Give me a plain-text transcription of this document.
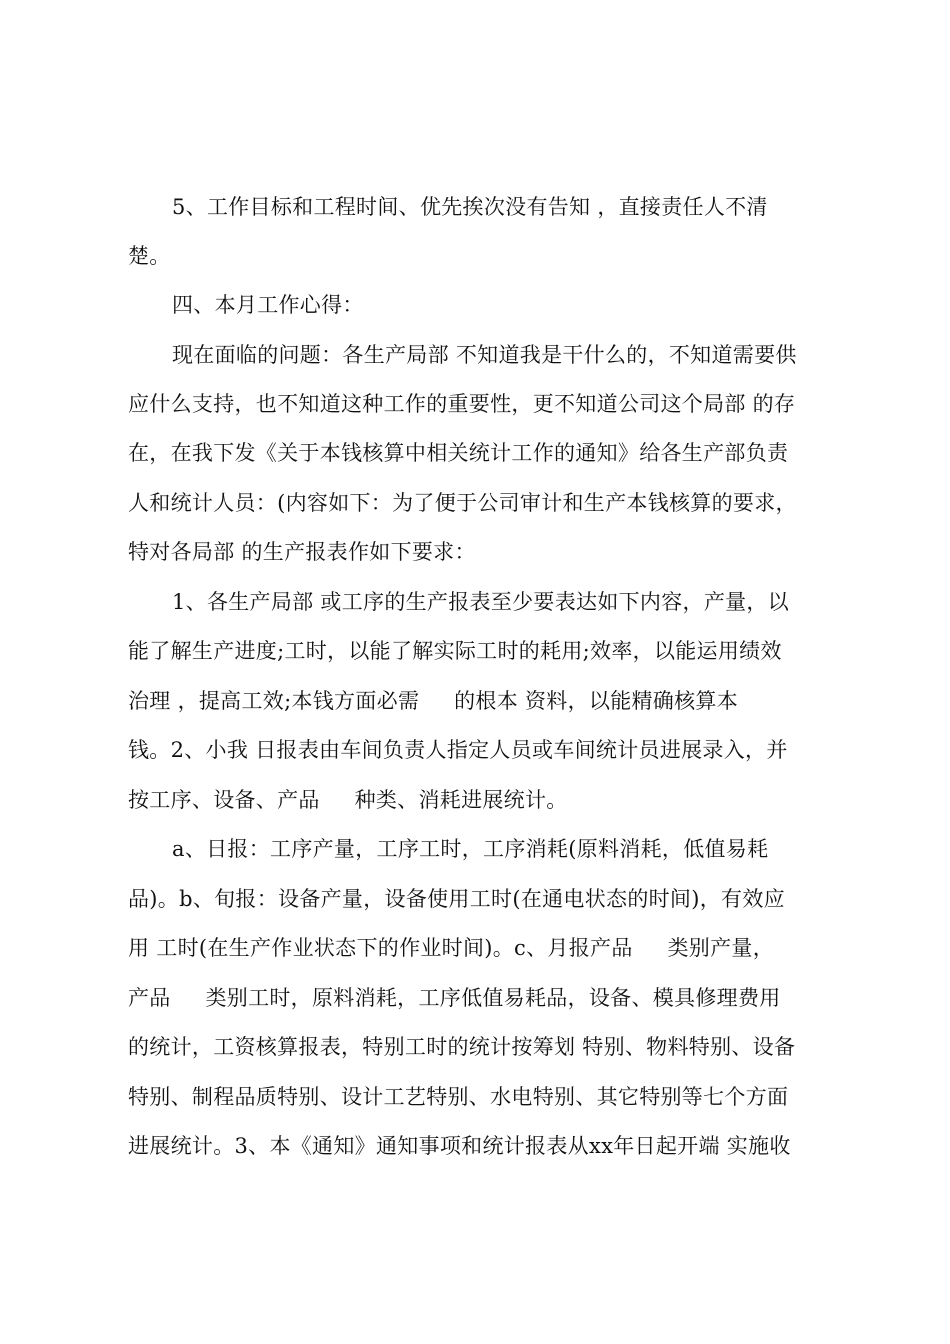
5、工作目标和工程时间、优先挨次没有告知 ，直接责任人不清

楚。

四、本月工作心得：

现在面临的问题：各生产局部 不知道我是干什么的，不知道需要供

应什么支持，也不知道这种工作的重要性，更不知道公司这个局部 的存

在，在我下发《关于本钱核算中相关统计工作的通知》给各生产部负责

人和统计人员：(内容如下：为了便于公司审计和生产本钱核算的要求，

特对各局部 的生产报表作如下要求：

1、各生产局部 或工序的生产报表至少要表达如下内容，产量，以

能了解生产进度;工时，以能了解实际工时的耗用;效率，以能运用绩效

治理 ，提高工效;本钱方面必需     的根本 资料，以能精确核算本

钱。2、小我 日报表由车间负责人指定人员或车间统计员进展录入，并

按工序、设备、产品     种类、消耗进展统计。

a、日报：工序产量，工序工时，工序消耗(原料消耗，低值易耗

品)。b、旬报：设备产量，设备使用工时(在通电状态的时间)，有效应

用 工时(在生产作业状态下的作业时间)。c、月报产品     类别产量，

产品     类别工时，原料消耗，工序低值易耗品，设备、模具修理费用

的统计，工资核算报表，特别工时的统计按筹划 特别、物料特别、设备

特别、制程品质特别、设计工艺特别、水电特别、其它特别等七个方面

进展统计。3、本《通知》通知事项和统计报表从xx年日起开端 实施收
